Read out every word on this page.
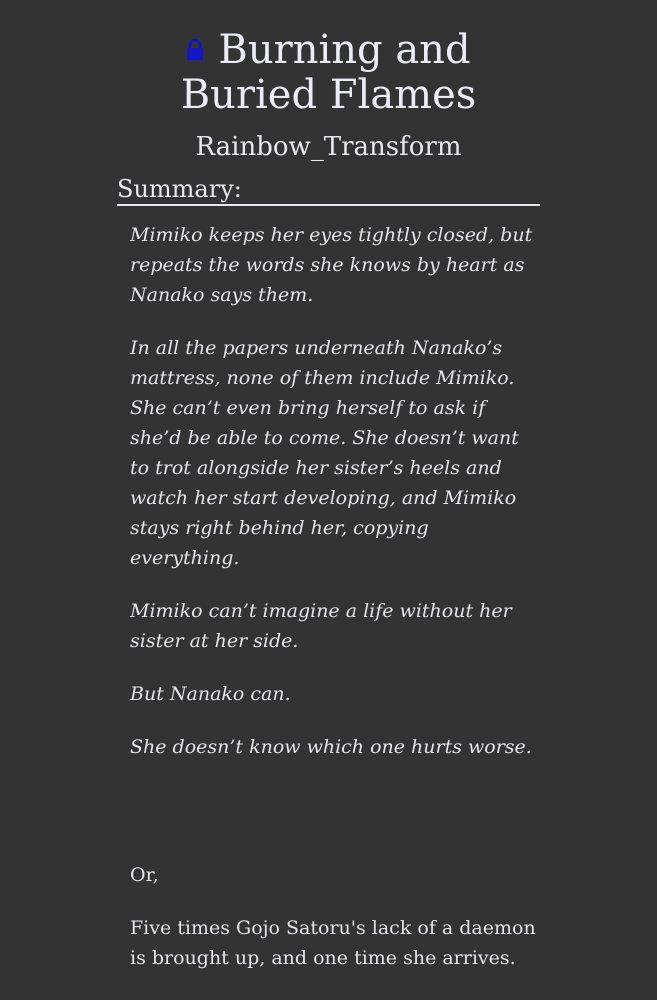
Burning and
Buried Flames
Rainbow_Transform
Summary:

Mimiko keeps her eyes tightly closed, but repeats the words she knows by heart as Nanako says them.

In all the papers underneath Nanako’s mattress, none of them include Mimiko. She can’t even bring herself to ask if she’d be able to come. She doesn’t want to trot alongside her sister’s heels and watch her start developing, and Mimiko stays right behind her, copying everything.

Mimiko can’t imagine a life without her sister at her side.

But Nanako can.

She doesn’t know which one hurts worse.

Or,

Five times Gojo Satoru's lack of a daemon is brought up, and one time she arrives.
